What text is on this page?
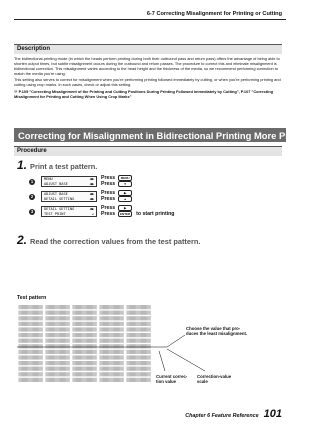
6-7 Correcting Misalignment for Printing or Cutting
Description

The bidirectional-printing mode (in which the heads perform printing during both their outbound pass and return pass) offers the advantage of being able to shorten output times, but subtle misalignment occurs during the outbound and return passes. The procedure to correct this and eliminate misalignment is bidirectional correction. This misalignment varies according to the head height and the thickness of the media, so we recommend performing correction to match the media you're using.

This setting also serves to correct for misalignment when you're performing printing followed immediately by cutting, or when you're performing printing and cutting using crop marks. In such cases, check or adjust this setting.

☞ P.105 "Correcting Misalignment of the Printing and Cutting Positions During Printing Followed Immediately by Cutting", P.107 "Correcting Misalignment for Printing and Cutting When Using Crop Marks"

Correcting for Misalignment in Bidirectional Printing More Precisely
Procedure
1. Print a test pattern.
1	MENU	◀▶
ADJUST BASE	◀▶
Press	MENU
Press	▼
2	ADJUST BASE	◀▶
DETAIL SETTING	◀▶
Press	▶
Press	▲
3	DETAIL SETTING	◀▶
TEST PRINT	↵
Press	▶
Press	ENTER	to start printing
2. Read the correction values from the test pattern.
Test pattern
Choose the value that pro-
duces the least misalignment.
Current correc-
tion value
Correction-value
scale
Chapter 6 Feature Reference 101
